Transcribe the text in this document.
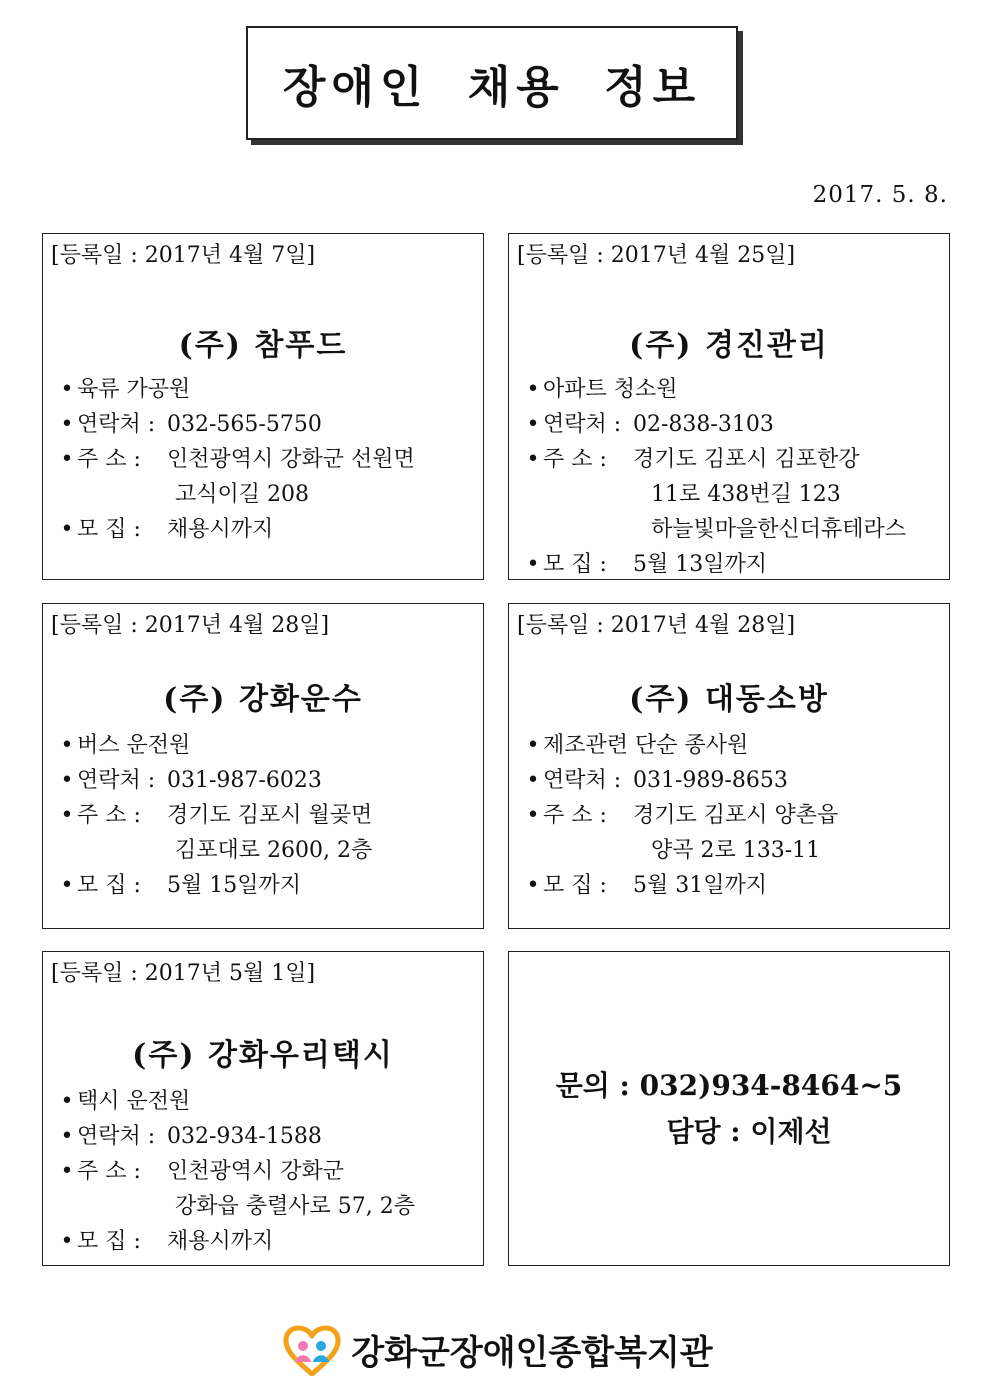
장애인 채용 정보
2017. 5. 8.
[등록일 : 2017년 4월 7일]
(주) 참푸드
• 육류 가공원
• 연락처 : 032-565-5750
• 주 소 : 인천광역시 강화군 선원면
고식이길 208
• 모 집 : 채용시까지
[등록일 : 2017년 4월 25일]
(주) 경진관리
• 아파트 청소원
• 연락처 : 02-838-3103
• 주 소 : 경기도 김포시 김포한강
11로 438번길 123
하늘빛마을한신더휴테라스
• 모 집 : 5월 13일까지
[등록일 : 2017년 4월 28일]
(주) 강화운수
• 버스 운전원
• 연락처 : 031-987-6023
• 주 소 : 경기도 김포시 월곶면
김포대로 2600, 2층
• 모 집 : 5월 15일까지
[등록일 : 2017년 4월 28일]
(주) 대동소방
• 제조관련 단순 종사원
• 연락처 : 031-989-8653
• 주 소 : 경기도 김포시 양촌읍
양곡 2로 133-11
• 모 집 : 5월 31일까지
[등록일 : 2017년 5월 1일]
(주) 강화우리택시
• 택시 운전원
• 연락처 : 032-934-1588
• 주 소 : 인천광역시 강화군
강화읍 충렬사로 57, 2층
• 모 집 : 채용시까지
문의 : 032)934-8464~5
담당 : 이제선
강화군장애인종합복지관
